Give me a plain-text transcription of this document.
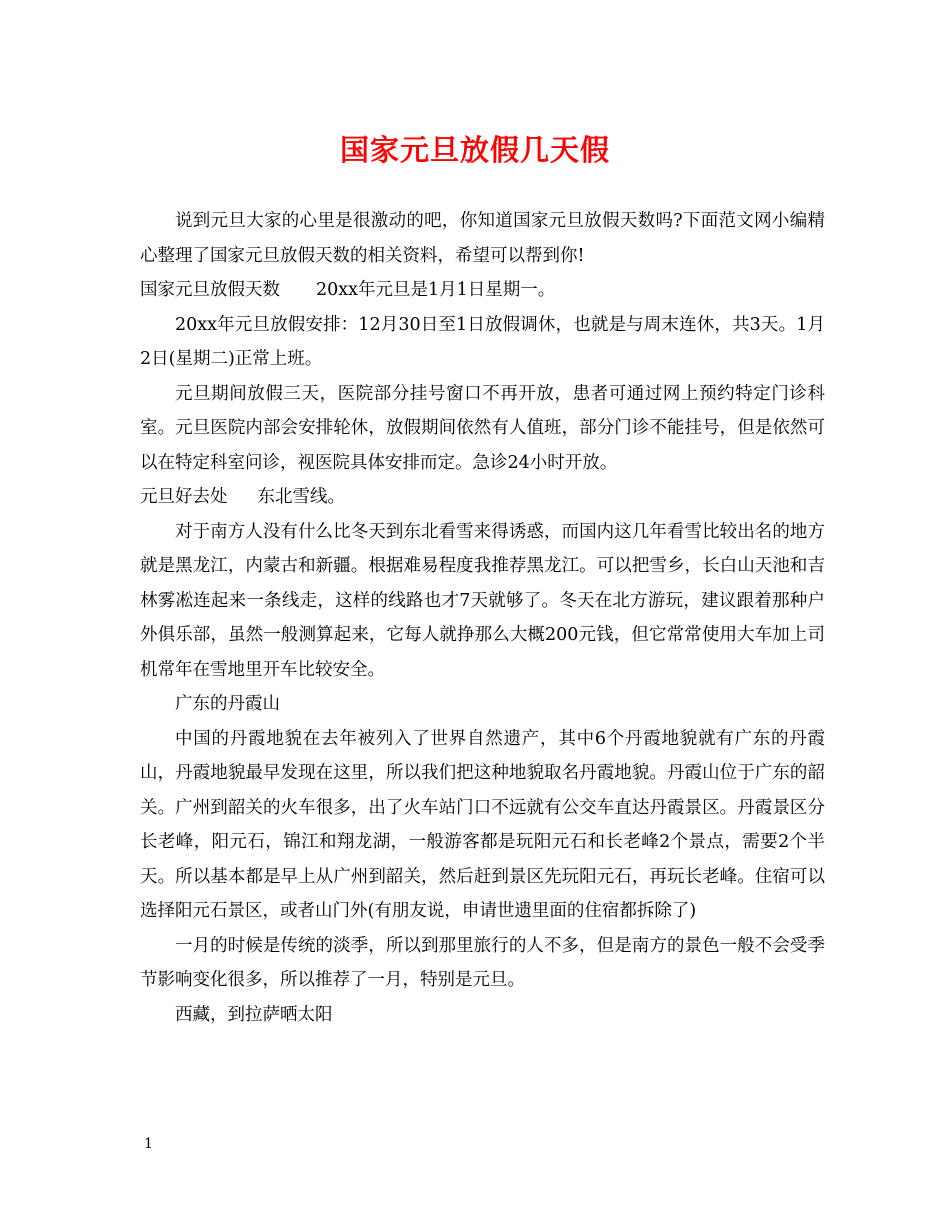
国家元旦放假几天假

说到元旦大家的心里是很激动的吧，你知道国家元旦放假天数吗?下面范文网小编精心整理了国家元旦放假天数的相关资料，希望可以帮到你!

国家元旦放假天数 20xx年元旦是1月1日星期一。

20xx年元旦放假安排：12月30日至1日放假调休，也就是与周末连休，共3天。1月2日(星期二)正常上班。

元旦期间放假三天，医院部分挂号窗口不再开放，患者可通过网上预约特定门诊科室。元旦医院内部会安排轮休，放假期间依然有人值班，部分门诊不能挂号，但是依然可以在特定科室问诊，视医院具体安排而定。急诊24小时开放。

元旦好去处 东北雪线。

对于南方人没有什么比冬天到东北看雪来得诱惑，而国内这几年看雪比较出名的地方就是黑龙江，内蒙古和新疆。根据难易程度我推荐黑龙江。可以把雪乡，长白山天池和吉林雾凇连起来一条线走，这样的线路也才7天就够了。冬天在北方游玩，建议跟着那种户外俱乐部，虽然一般测算起来，它每人就挣那么大概200元钱，但它常常使用大车加上司机常年在雪地里开车比较安全。

广东的丹霞山

中国的丹霞地貌在去年被列入了世界自然遗产，其中6个丹霞地貌就有广东的丹霞山，丹霞地貌最早发现在这里，所以我们把这种地貌取名丹霞地貌。丹霞山位于广东的韶关。广州到韶关的火车很多，出了火车站门口不远就有公交车直达丹霞景区。丹霞景区分长老峰，阳元石，锦江和翔龙湖，一般游客都是玩阳元石和长老峰2个景点，需要2个半天。所以基本都是早上从广州到韶关，然后赶到景区先玩阳元石，再玩长老峰。住宿可以选择阳元石景区，或者山门外(有朋友说，申请世遗里面的住宿都拆除了)

一月的时候是传统的淡季，所以到那里旅行的人不多，但是南方的景色一般不会受季节影响变化很多，所以推荐了一月，特别是元旦。

西藏，到拉萨晒太阳

1
